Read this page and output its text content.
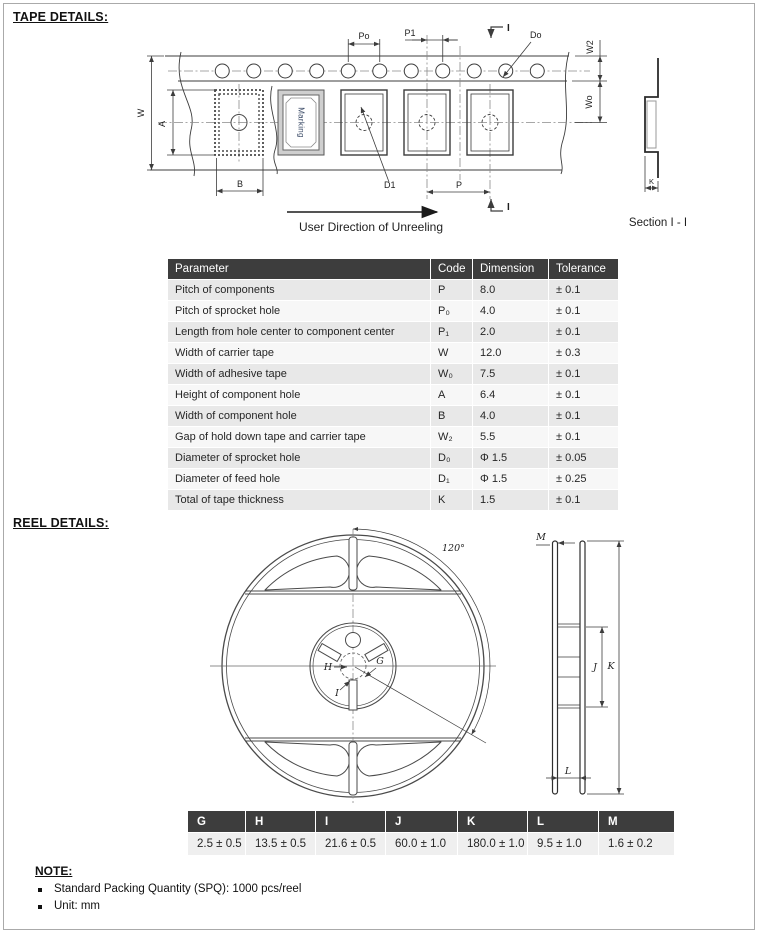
TAPE DETAILS:
Marking
W
A
B
Po	P1	Do
W2
Wo
P
D1
I
I
User Direction of Unreeling
K
Section I - I
Parameter	Code	Dimension	Tolerance
Pitch of components	P	8.0	± 0.1
Pitch of sprocket hole	P₀	4.0	± 0.1
Length from hole center to component center	P₁	2.0	± 0.1
Width of carrier tape	W	12.0	± 0.3
Width of adhesive tape	W₀	7.5	± 0.1
Height of component hole	A	6.4	± 0.1
Width of component hole	B	4.0	± 0.1
Gap of hold down tape and carrier tape	W₂	5.5	± 0.1
Diameter of sprocket hole	D₀	Φ 1.5	± 0.05
Diameter of feed hole	D₁	Φ 1.5	± 0.25
Total of tape thickness	K	1.5	± 0.1
REEL DETAILS:
H
G
I
120°
M
K
J
L
G	H	I	J	K	L	M
2.5 ± 0.5	13.5 ± 0.5	21.6 ± 0.5	60.0 ± 1.0	180.0 ± 1.0	9.5 ± 1.0	1.6 ± 0.2
NOTE:
Standard Packing Quantity (SPQ): 1000 pcs/reel
Unit: mm
